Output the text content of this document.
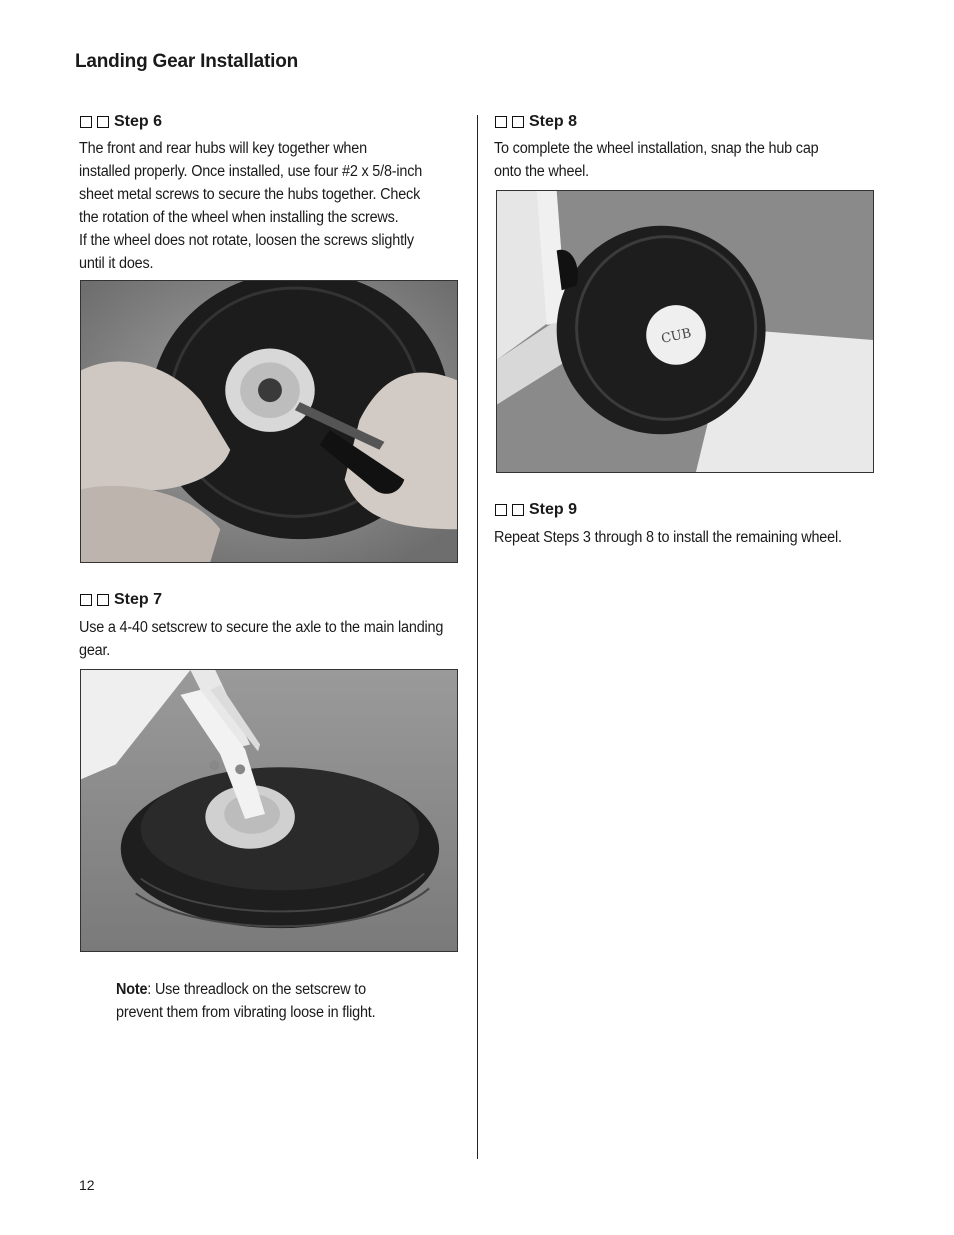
Landing Gear Installation
Step 6
The front and rear hubs will key together when
installed properly. Once installed, use four #2 x 5/8-inch
sheet metal screws to secure the hubs together. Check
the rotation of the wheel when installing the screws.
If the wheel does not rotate, loosen the screws slightly
until it does.
Step 7
Use a 4-40 setscrew to secure the axle to the main landing
gear.
Note: Use threadlock on the setscrew to
prevent them from vibrating loose in flight.
Step 8
To complete the wheel installation, snap the hub cap
onto the wheel.
CUB
Step 9
Repeat Steps 3 through 8 to install the remaining wheel.
12
